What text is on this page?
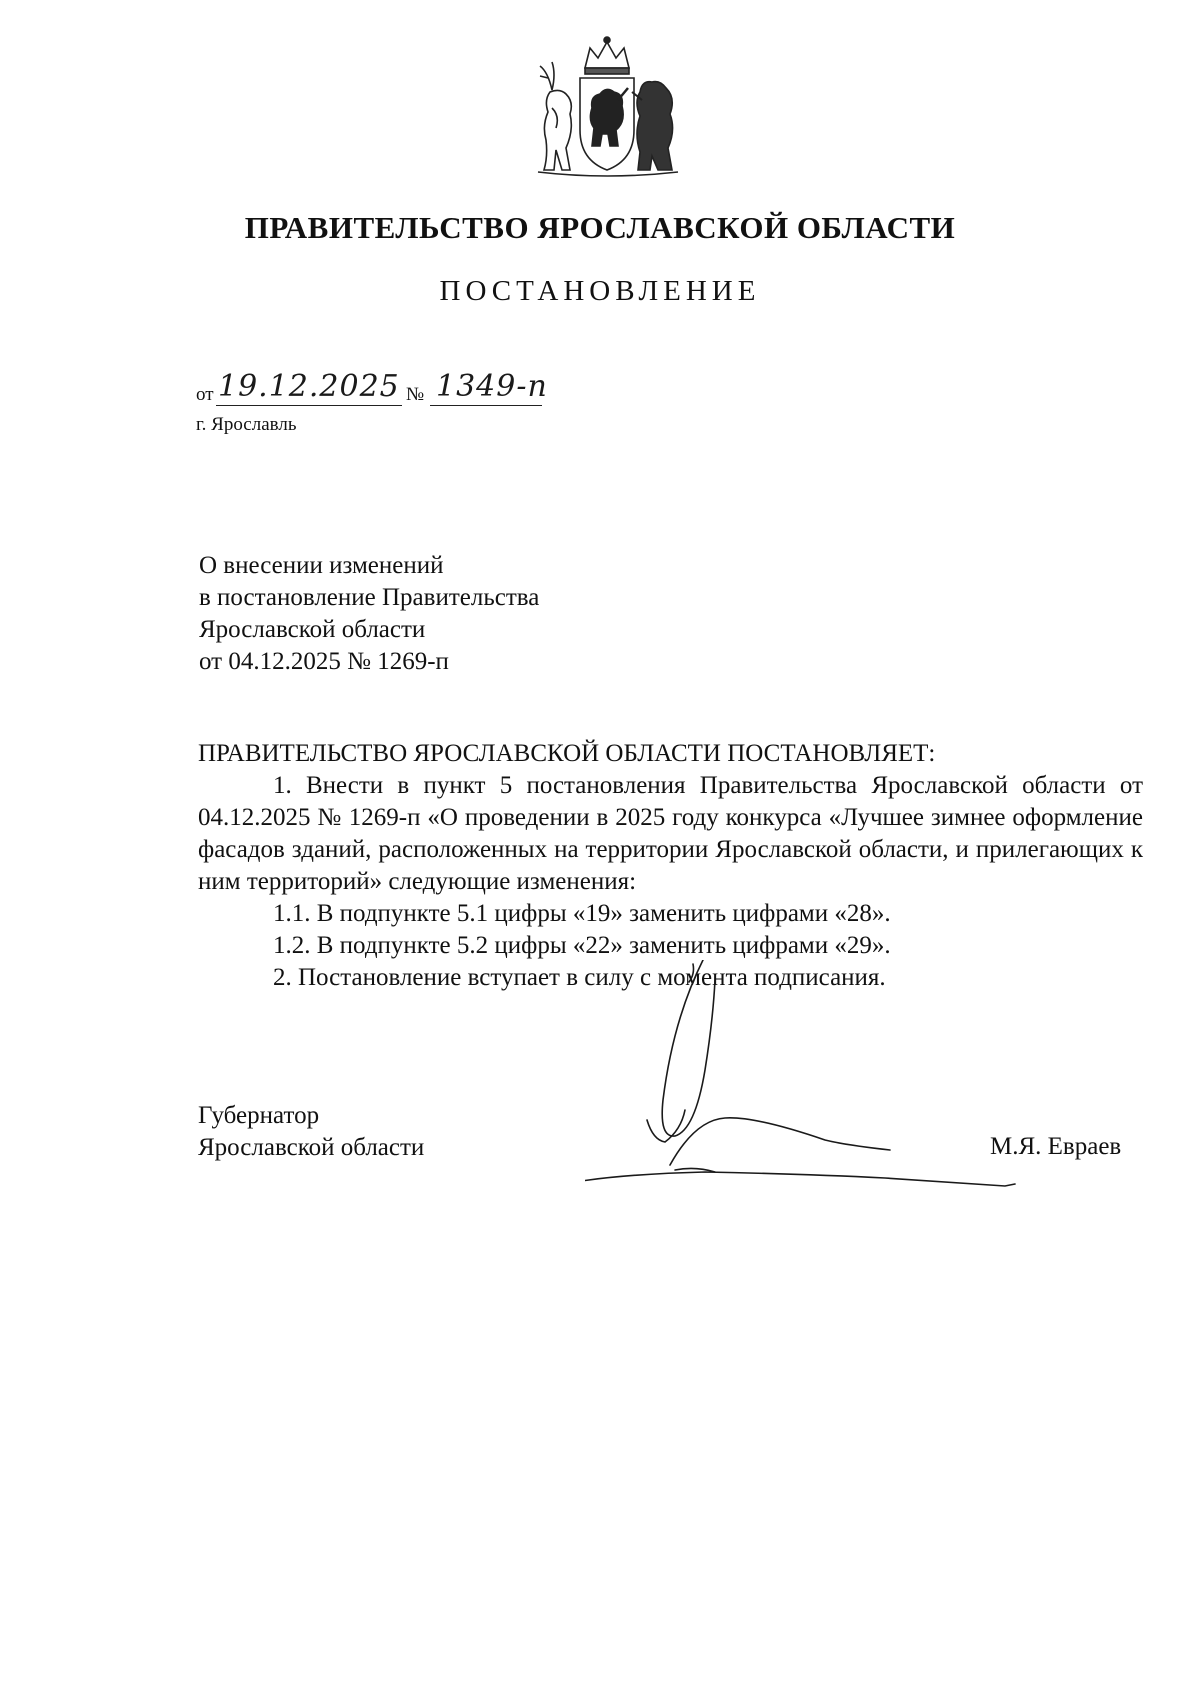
ПРАВИТЕЛЬСТВО ЯРОСЛАВСКОЙ ОБЛАСТИ
ПОСТАНОВЛЕНИЕ
от 19.12.2025 № 1349-п
г. Ярославль
О внесении изменений
в постановление Правительства
Ярославской области
от 04.12.2025 № 1269-п
ПРАВИТЕЛЬСТВО ЯРОСЛАВСКОЙ ОБЛАСТИ ПОСТАНОВЛЯЕТ:
1. Внести в пункт 5 постановления Правительства Ярославской области от 04.12.2025 № 1269-п «О проведении в 2025 году конкурса «Лучшее зимнее оформление фасадов зданий, расположенных на территории Ярославской области, и прилегающих к ним территорий» следующие изменения:
1.1. В подпункте 5.1 цифры «19» заменить цифрами «28».
1.2. В подпункте 5.2 цифры «22» заменить цифрами «29».
2. Постановление вступает в силу с момента подписания.
Губернатор
Ярославской области	М.Я. Евраев
